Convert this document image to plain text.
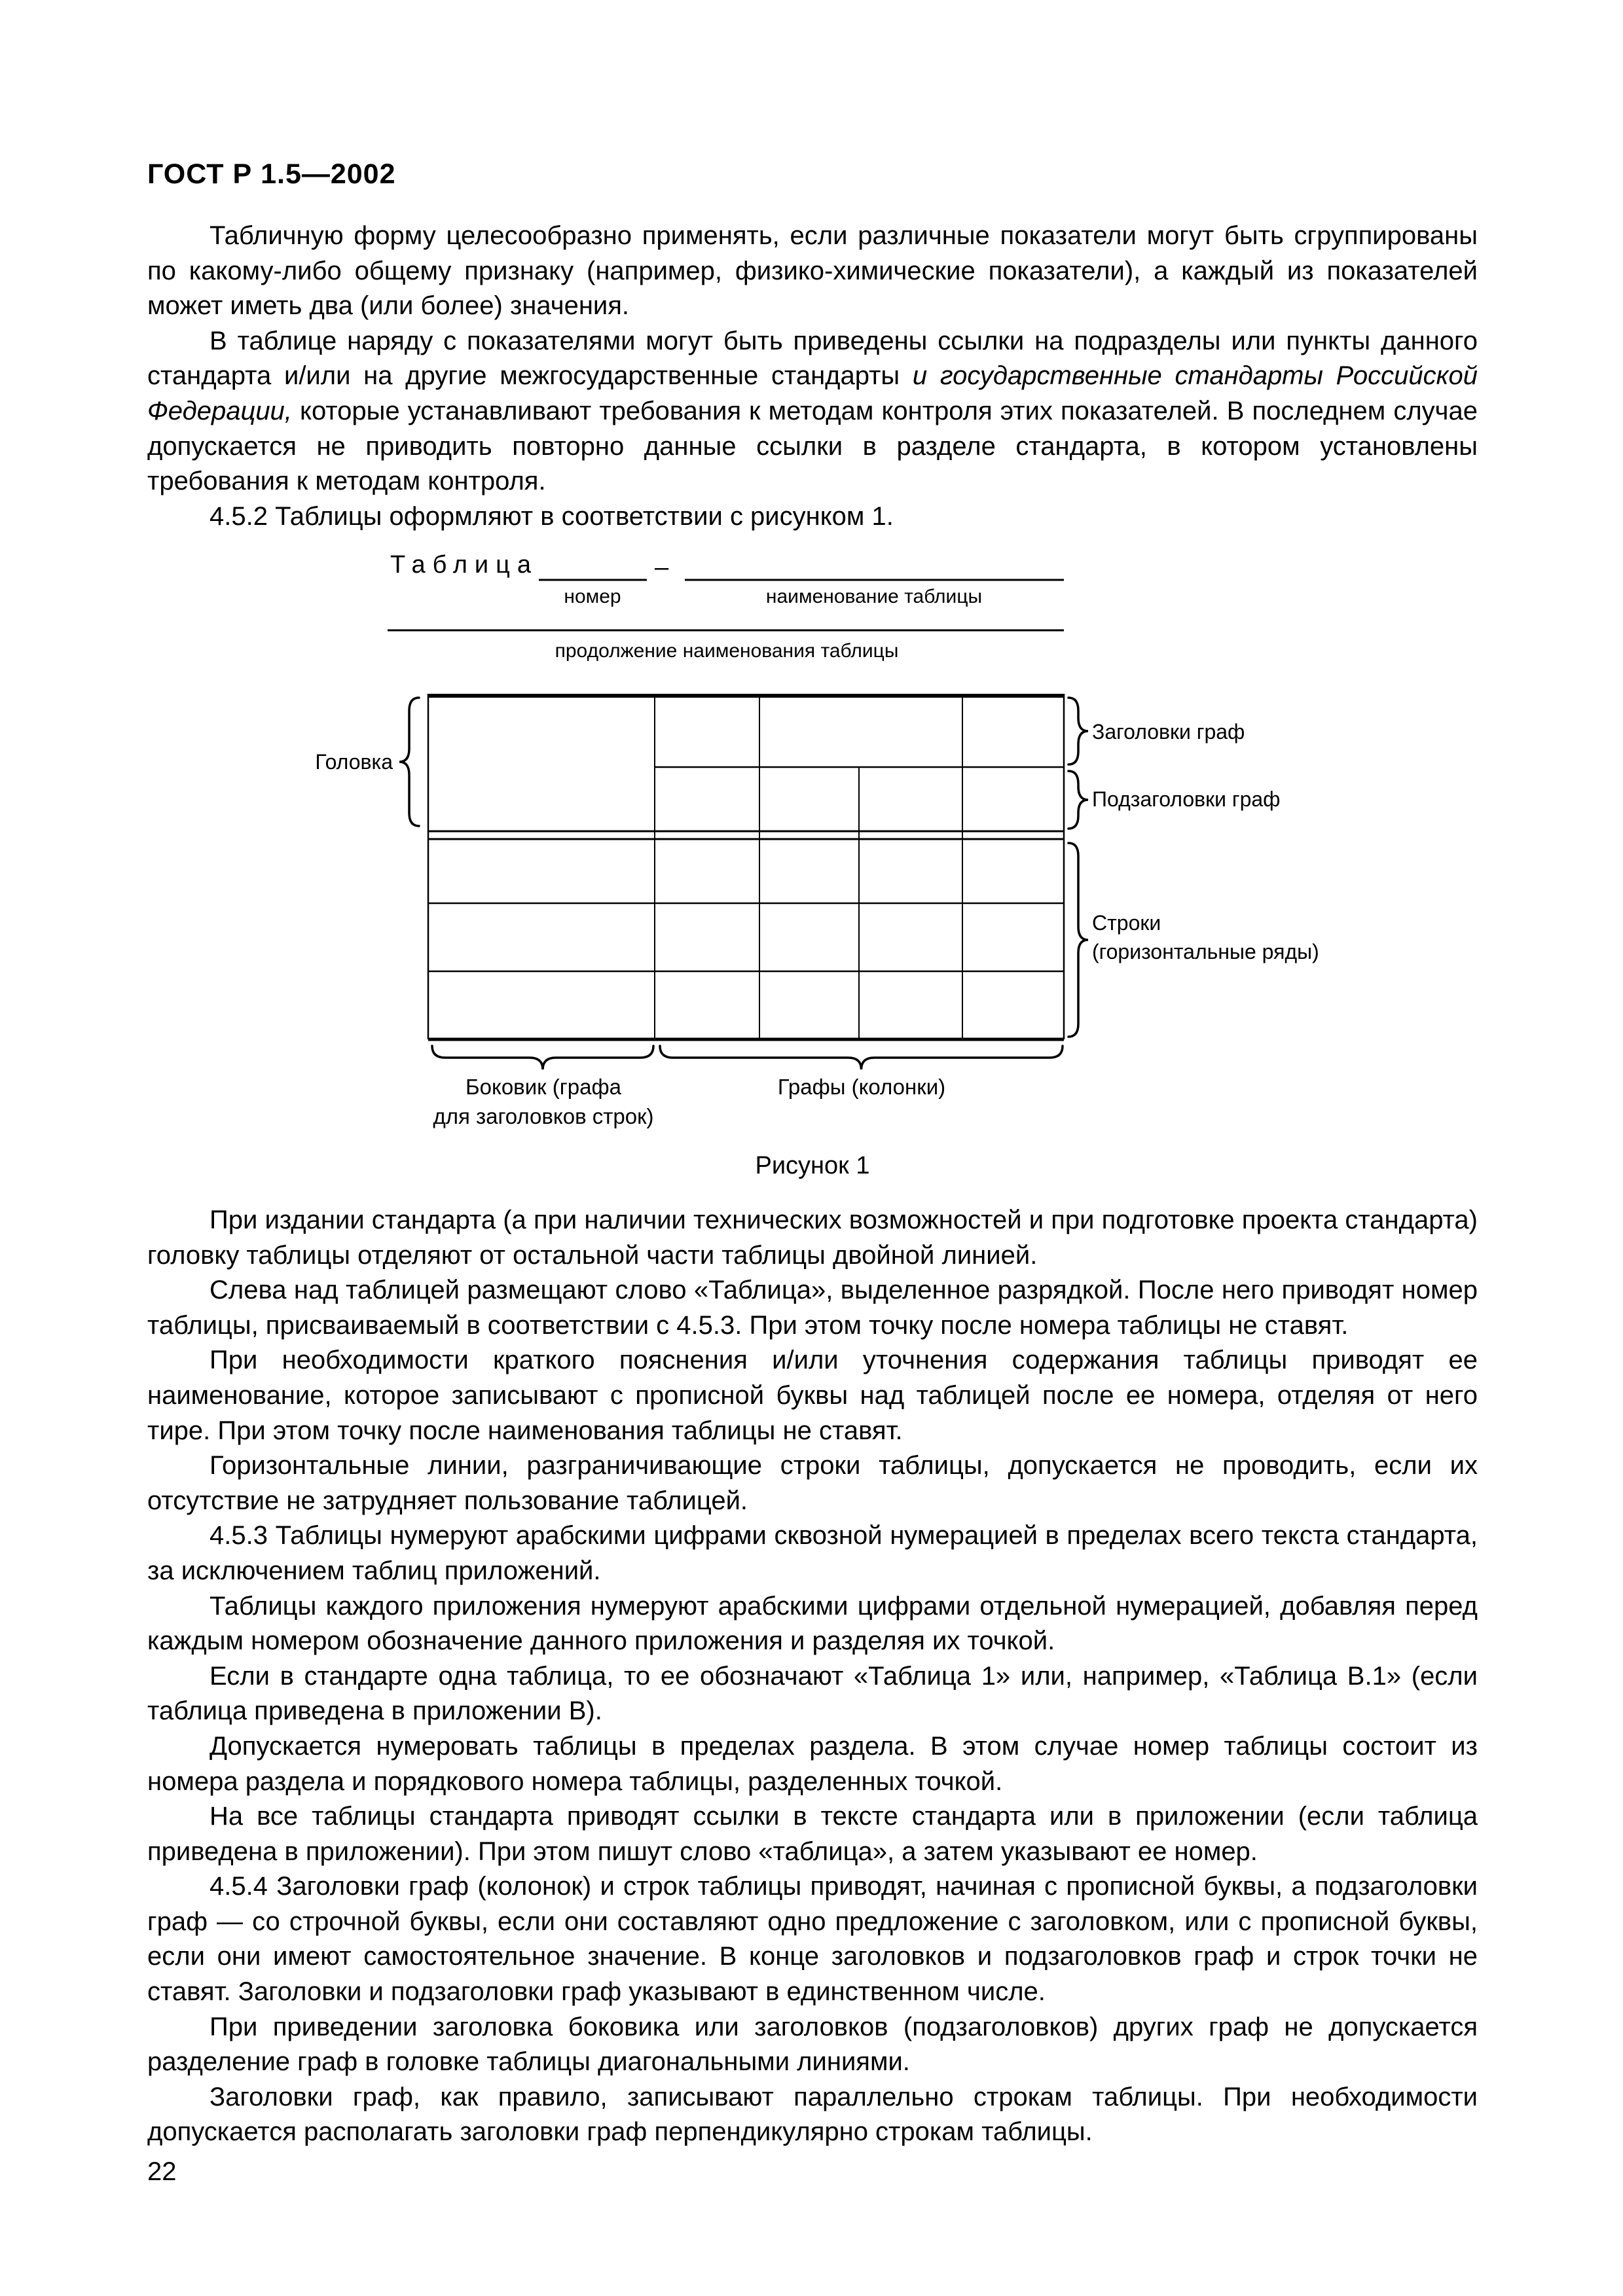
ГОСТ Р 1.5—2002

Табличную форму целесообразно применять, если различные показатели могут быть сгруппированы по какому-либо общему признаку (например, физико-химические показатели), а каждый из показателей может иметь два (или более) значения.

В таблице наряду с показателями могут быть приведены ссылки на подразделы или пункты данного стандарта и/или на другие межгосударственные стандарты и государственные стандарты Российской Федерации, которые устанавливают требования к методам контроля этих показателей. В последнем случае допускается не приводить повторно данные ссылки в разделе стандарта, в котором установлены требования к методам контроля.

4.5.2 Таблицы оформляют в соответствии с рисунком 1.

Таблица	–
номер	наименование таблицы
продолжение наименования таблицы
Головка
Заголовки граф
Подзаголовки граф
Строки
(горизонтальные ряды)
Боковик (графа
для заголовков строк)
Графы (колонки)
Рисунок 1

При издании стандарта (а при наличии технических возможностей и при подготовке проекта стандарта) головку таблицы отделяют от остальной части таблицы двойной линией.

Слева над таблицей размещают слово «Таблица», выделенное разрядкой. После него приводят номер таблицы, присваиваемый в соответствии с 4.5.3. При этом точку после номера таблицы не ставят.

При необходимости краткого пояснения и/или уточнения содержания таблицы приводят ее наименование, которое записывают с прописной буквы над таблицей после ее номера, отделяя от него тире. При этом точку после наименования таблицы не ставят.

Горизонтальные линии, разграничивающие строки таблицы, допускается не проводить, если их отсутствие не затрудняет пользование таблицей.

4.5.3 Таблицы нумеруют арабскими цифрами сквозной нумерацией в пределах всего текста стандарта, за исключением таблиц приложений.

Таблицы каждого приложения нумеруют арабскими цифрами отдельной нумерацией, добавляя перед каждым номером обозначение данного приложения и разделяя их точкой.

Если в стандарте одна таблица, то ее обозначают «Таблица 1» или, например, «Таблица В.1» (если таблица приведена в приложении В).

Допускается нумеровать таблицы в пределах раздела. В этом случае номер таблицы состоит из номера раздела и порядкового номера таблицы, разделенных точкой.

На все таблицы стандарта приводят ссылки в тексте стандарта или в приложении (если таблица приведена в приложении). При этом пишут слово «таблица», а затем указывают ее номер.

4.5.4 Заголовки граф (колонок) и строк таблицы приводят, начиная с прописной буквы, а подзаголовки граф — со строчной буквы, если они составляют одно предложение с заголовком, или с прописной буквы, если они имеют самостоятельное значение. В конце заголовков и подзаголовков граф и строк точки не ставят. Заголовки и подзаголовки граф указывают в единственном числе.

При приведении заголовка боковика или заголовков (подзаголовков) других граф не допускается разделение граф в головке таблицы диагональными линиями.

Заголовки граф, как правило, записывают параллельно строкам таблицы. При необходимости допускается располагать заголовки граф перпендикулярно строкам таблицы.

22
